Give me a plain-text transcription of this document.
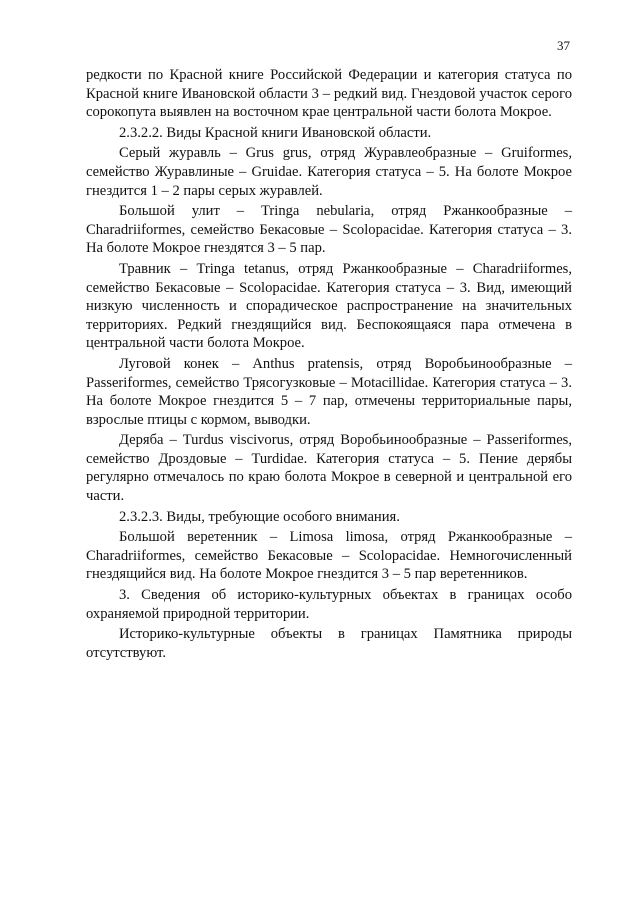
37

редкости по Красной книге Российской Федерации и категория статуса по Красной книге Ивановской области 3 – редкий вид. Гнездовой участок серого сорокопута выявлен на восточном крае центральной части болота Мокрое.

2.3.2.2. Виды Красной книги Ивановской области.

Серый журавль – Grus grus, отряд Журавлеобразные – Gruiformes, семейство Журавлиные – Gruidae. Категория статуса – 5. На болоте Мокрое гнездится 1 – 2 пары серых журавлей.

Большой улит – Tringa nebularia, отряд Ржанкообразные – Charadriiformes, семейство Бекасовые – Scolopacidae. Категория статуса – 3. На болоте Мокрое гнездятся 3 – 5 пар.

Травник – Tringa tetanus, отряд Ржанкообразные – Charadriiformes, семейство Бекасовые – Scolopacidae. Категория статуса – 3. Вид, имеющий низкую численность и спорадическое распространение на значительных территориях. Редкий гнездящийся вид. Беспокоящаяся пара отмечена в центральной части болота Мокрое.

Луговой конек – Anthus pratensis, отряд Воробьинообразные – Passeriformes, семейство Трясогузковые – Motacillidae. Категория статуса – 3. На болоте Мокрое гнездится 5 – 7 пар, отмечены территориальные пары, взрослые птицы с кормом, выводки.

Деряба – Turdus viscivorus, отряд Воробьинообразные – Passeriformes, семейство Дроздовые – Turdidae. Категория статуса – 5. Пение дерябы регулярно отмечалось по краю болота Мокрое в северной и центральной его части.

2.3.2.3. Виды, требующие особого внимания.

Большой веретенник – Limosa limosa, отряд Ржанкообразные – Charadriiformes, семейство Бекасовые – Scolopacidae. Немногочисленный гнездящийся вид. На болоте Мокрое гнездится 3 – 5 пар веретенников.

3. Сведения об историко-культурных объектах в границах особо охраняемой природной территории.

Историко-культурные объекты в границах Памятника природы отсутствуют.
